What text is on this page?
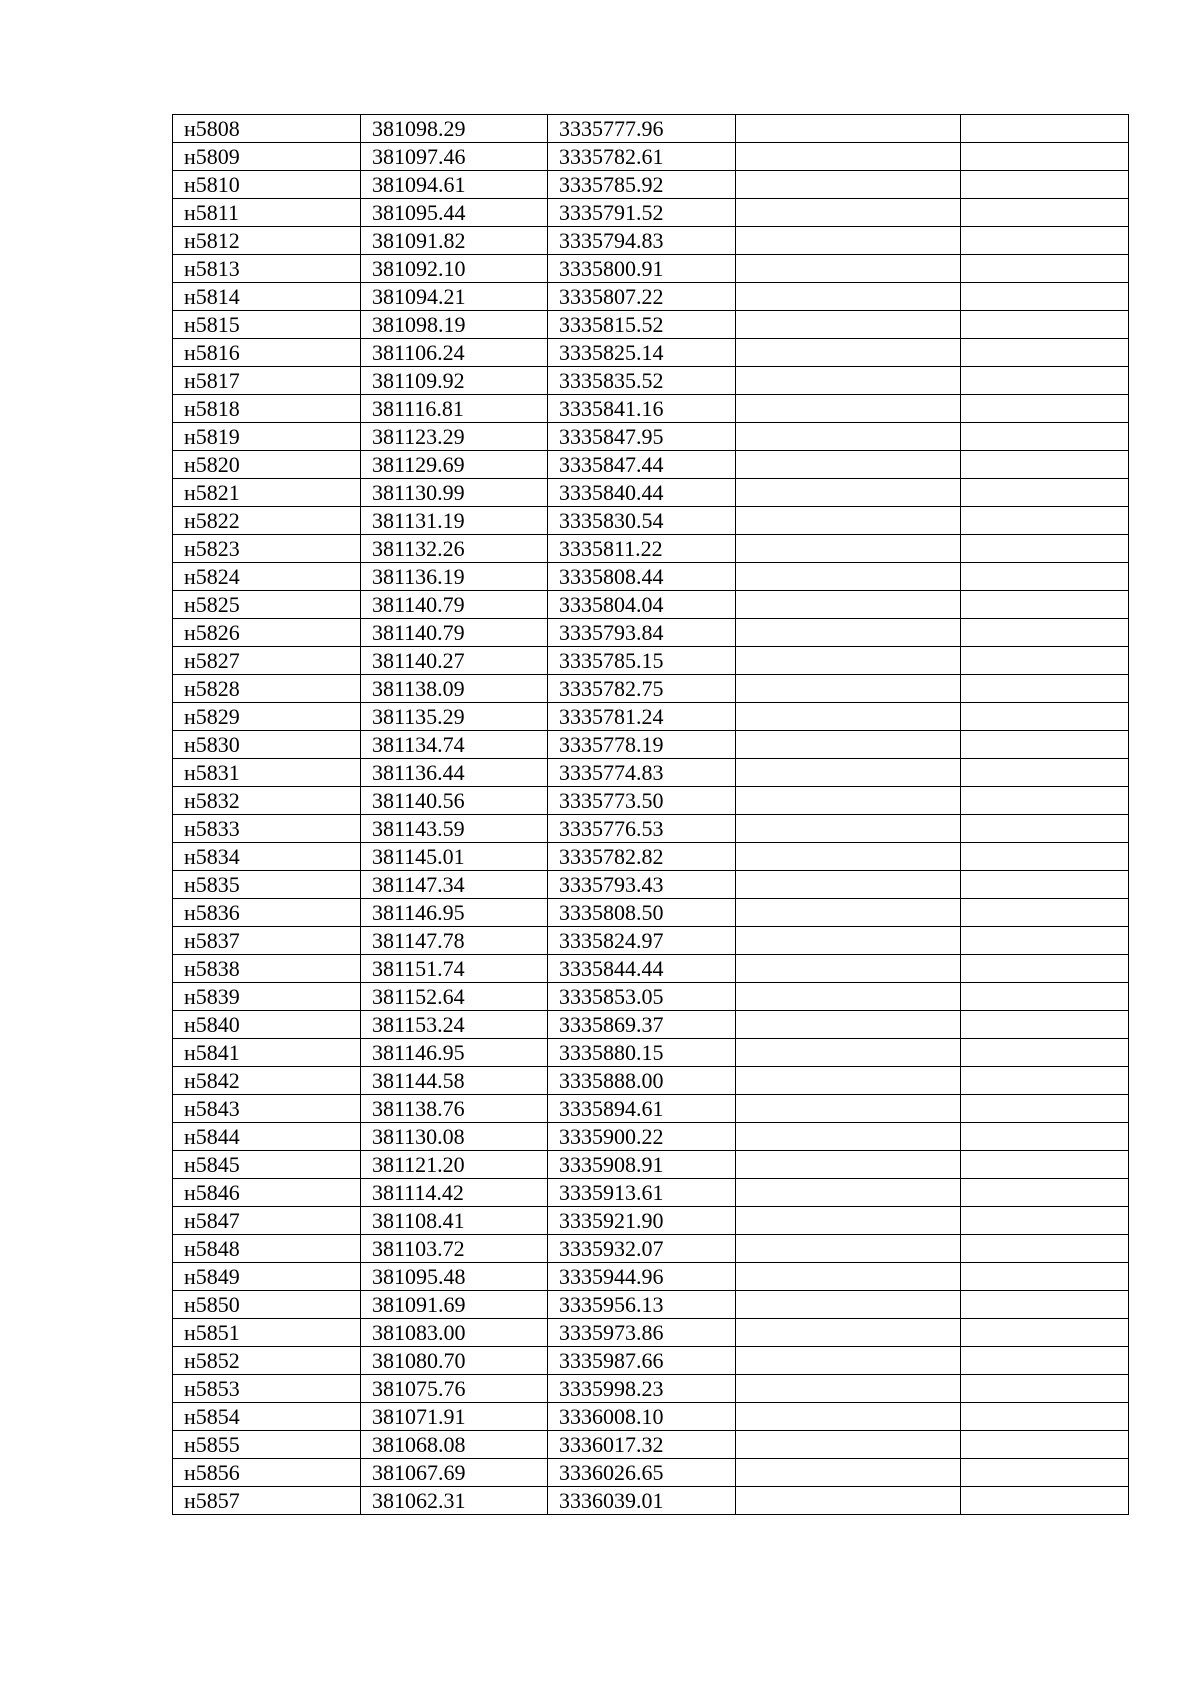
н5808	381098.29	3335777.96		
н5809	381097.46	3335782.61		
н5810	381094.61	3335785.92		
н5811	381095.44	3335791.52		
н5812	381091.82	3335794.83		
н5813	381092.10	3335800.91		
н5814	381094.21	3335807.22		
н5815	381098.19	3335815.52		
н5816	381106.24	3335825.14		
н5817	381109.92	3335835.52		
н5818	381116.81	3335841.16		
н5819	381123.29	3335847.95		
н5820	381129.69	3335847.44		
н5821	381130.99	3335840.44		
н5822	381131.19	3335830.54		
н5823	381132.26	3335811.22		
н5824	381136.19	3335808.44		
н5825	381140.79	3335804.04		
н5826	381140.79	3335793.84		
н5827	381140.27	3335785.15		
н5828	381138.09	3335782.75		
н5829	381135.29	3335781.24		
н5830	381134.74	3335778.19		
н5831	381136.44	3335774.83		
н5832	381140.56	3335773.50		
н5833	381143.59	3335776.53		
н5834	381145.01	3335782.82		
н5835	381147.34	3335793.43		
н5836	381146.95	3335808.50		
н5837	381147.78	3335824.97		
н5838	381151.74	3335844.44		
н5839	381152.64	3335853.05		
н5840	381153.24	3335869.37		
н5841	381146.95	3335880.15		
н5842	381144.58	3335888.00		
н5843	381138.76	3335894.61		
н5844	381130.08	3335900.22		
н5845	381121.20	3335908.91		
н5846	381114.42	3335913.61		
н5847	381108.41	3335921.90		
н5848	381103.72	3335932.07		
н5849	381095.48	3335944.96		
н5850	381091.69	3335956.13		
н5851	381083.00	3335973.86		
н5852	381080.70	3335987.66		
н5853	381075.76	3335998.23		
н5854	381071.91	3336008.10		
н5855	381068.08	3336017.32		
н5856	381067.69	3336026.65		
н5857	381062.31	3336039.01		
